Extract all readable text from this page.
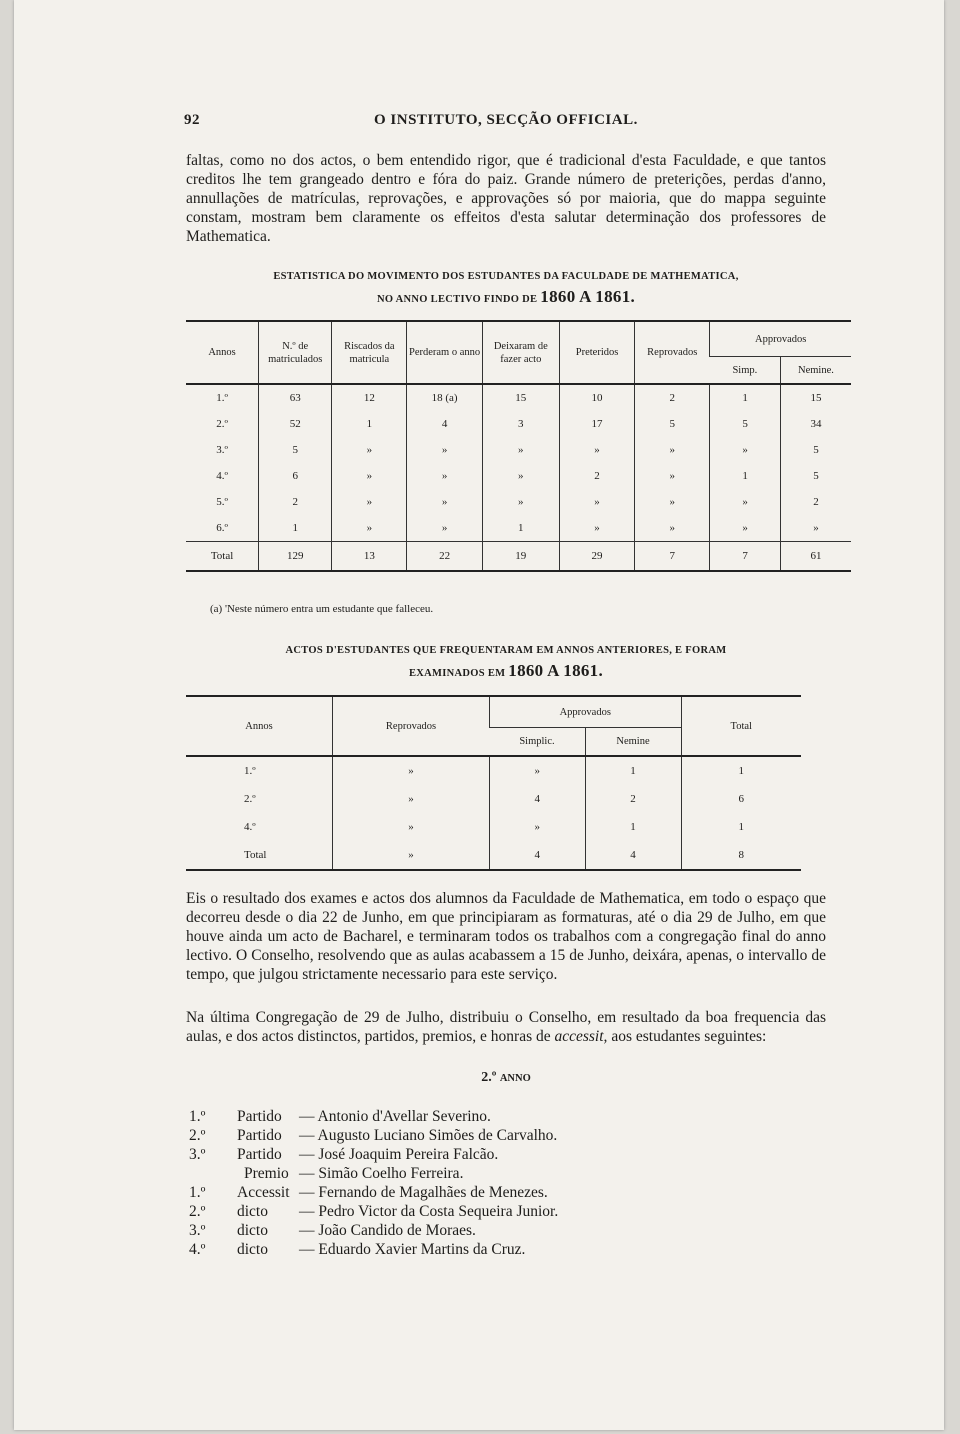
92	O INSTITUTO, SECÇÃO OFFICIAL.
faltas, como no dos actos, o bem entendido rigor, que é tradicional d'esta Faculdade, e que tantos creditos lhe tem grangeado dentro e fóra do paiz. Grande número de preterições, perdas d'anno, annullações de matrículas, reprovações, e approvações só por maioria, que do mappa seguinte constam, mostram bem claramente os effeitos d'esta salutar determinação dos professores de Mathematica.
ESTATISTICA DO MOVIMENTO DOS ESTUDANTES DA FACULDADE DE MATHEMATICA,
NO ANNO LECTIVO FINDO DE 1860 A 1861.
Annos	N.º de matriculados	Riscados da matricula	Perderam o anno	Deixaram de fazer acto	Preteridos	Reprovados	Approvados	
							Simp.	Nemine.
1.º	63	12	18 (a)	15	10	2	1	15
2.º	52	1	4	3	17	5	5	34
3.º	5	»	»	»	»	»	»	5
4.º	6	»	»	»	2	»	1	5
5.º	2	»	»	»	»	»	»	2
6.º	1	»	»	1	»	»	»	»
Total	129	13	22	19	29	7	7	61
(a) 'Neste número entra um estudante que falleceu.
ACTOS D'ESTUDANTES QUE FREQUENTARAM EM ANNOS ANTERIORES, E FORAM
EXAMINADOS EM 1860 A 1861.
Annos	Reprovados	Approvados		Total
		Simplic.	Nemine	
1.º	»	»	1	1
2.º	»	4	2	6
4.º	»	»	1	1
Total	»	4	4	8
Eis o resultado dos exames e actos dos alumnos da Faculdade de Mathematica, em todo o espaço que decorreu desde o dia 22 de Junho, em que principiaram as formaturas, até o dia 29 de Julho, em que houve ainda um acto de Bacharel, e terminaram todos os trabalhos com a congregação final do anno lectivo. O Conselho, resolvendo que as aulas acabassem a 15 de Junho, deixára, apenas, o intervallo de tempo, que julgou strictamente necessario para este serviço.
Na última Congregação de 29 de Julho, distribuiu o Conselho, em resultado da boa frequencia das aulas, e dos actos distinctos, partidos, premios, e honras de accessit, aos estudantes seguintes:
2.º ANNO
1.º	Partido — Antonio d'Avellar Severino.
2.º	Partido — Augusto Luciano Simões de Carvalho.
3.º	Partido — José Joaquim Pereira Falcão.
Premio — Simão Coelho Ferreira.
1.º	Accessit — Fernando de Magalhães de Menezes.
2.º	dicto — Pedro Victor da Costa Sequeira Junior.
3.º	dicto — João Candido de Moraes.
4.º	dicto — Eduardo Xavier Martins da Cruz.
